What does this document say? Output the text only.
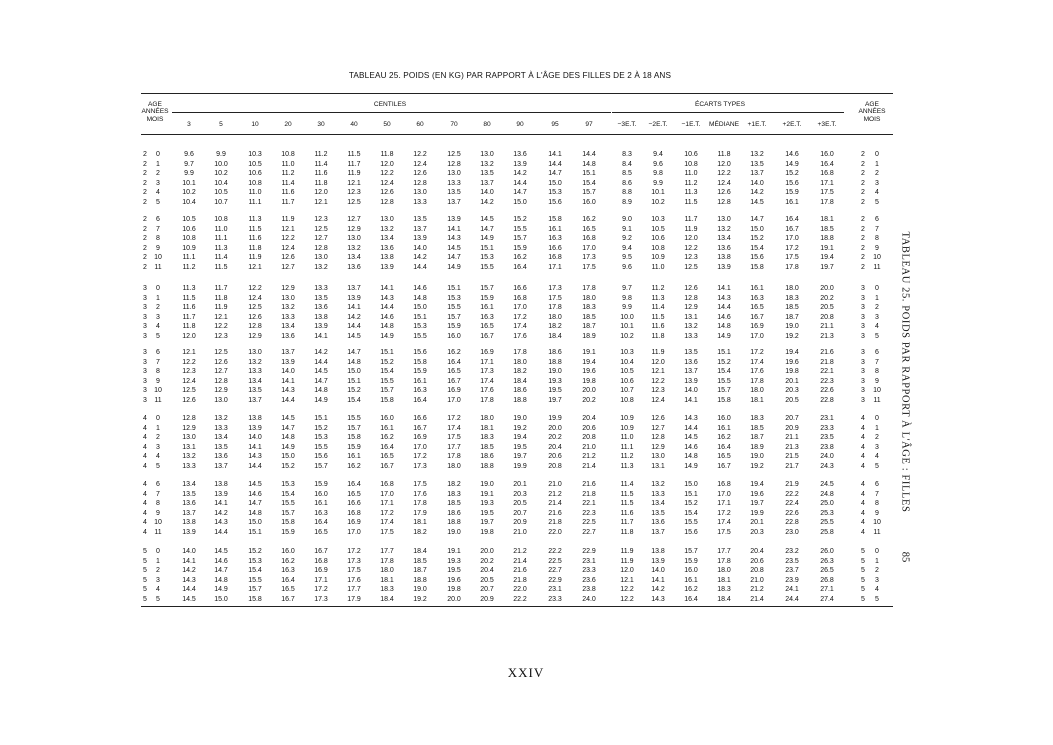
TABLEAU 25. POIDS (EN KG) PAR RAPPORT À L'ÂGE DES FILLES DE 2 À 18 ANS
AGE
ANNÉES
MOIS
AGE
ANNÉES
MOIS
CENTILES	ÉCARTS TYPES
3	5	10	20	30	40	50	60	70	80	90	95	97	−3E.T.	−2E.T.	−1E.T.	MÉDIANE	+1E.T.	+2E.T.	+3E.T.
2	0	9.6	9.9	10.3	10.8	11.2	11.5	11.8	12.2	12.5	13.0	13.6	14.1	14.4	8.3	9.4	10.6	11.8	13.2	14.6	16.0	2	0
2	1	9.7	10.0	10.5	11.0	11.4	11.7	12.0	12.4	12.8	13.2	13.9	14.4	14.8	8.4	9.6	10.8	12.0	13.5	14.9	16.4	2	1
2	2	9.9	10.2	10.6	11.2	11.6	11.9	12.2	12.6	13.0	13.5	14.2	14.7	15.1	8.5	9.8	11.0	12.2	13.7	15.2	16.8	2	2
2	3	10.1	10.4	10.8	11.4	11.8	12.1	12.4	12.8	13.3	13.7	14.4	15.0	15.4	8.6	9.9	11.2	12.4	14.0	15.6	17.1	2	3
2	4	10.2	10.5	11.0	11.6	12.0	12.3	12.6	13.0	13.5	14.0	14.7	15.3	15.7	8.8	10.1	11.3	12.6	14.2	15.9	17.5	2	4
2	5	10.4	10.7	11.1	11.7	12.1	12.5	12.8	13.3	13.7	14.2	15.0	15.6	16.0	8.9	10.2	11.5	12.8	14.5	16.1	17.8	2	5
2	6	10.5	10.8	11.3	11.9	12.3	12.7	13.0	13.5	13.9	14.5	15.2	15.8	16.2	9.0	10.3	11.7	13.0	14.7	16.4	18.1	2	6
2	7	10.6	11.0	11.5	12.1	12.5	12.9	13.2	13.7	14.1	14.7	15.5	16.1	16.5	9.1	10.5	11.9	13.2	15.0	16.7	18.5	2	7
2	8	10.8	11.1	11.6	12.2	12.7	13.0	13.4	13.9	14.3	14.9	15.7	16.3	16.8	9.2	10.6	12.0	13.4	15.2	17.0	18.8	2	8
2	9	10.9	11.3	11.8	12.4	12.8	13.2	13.6	14.0	14.5	15.1	15.9	16.6	17.0	9.4	10.8	12.2	13.6	15.4	17.2	19.1	2	9
2	10	11.1	11.4	11.9	12.6	13.0	13.4	13.8	14.2	14.7	15.3	16.2	16.8	17.3	9.5	10.9	12.3	13.8	15.6	17.5	19.4	2	10
2	11	11.2	11.5	12.1	12.7	13.2	13.6	13.9	14.4	14.9	15.5	16.4	17.1	17.5	9.6	11.0	12.5	13.9	15.8	17.8	19.7	2	11
3	0	11.3	11.7	12.2	12.9	13.3	13.7	14.1	14.6	15.1	15.7	16.6	17.3	17.8	9.7	11.2	12.6	14.1	16.1	18.0	20.0	3	0
3	1	11.5	11.8	12.4	13.0	13.5	13.9	14.3	14.8	15.3	15.9	16.8	17.5	18.0	9.8	11.3	12.8	14.3	16.3	18.3	20.2	3	1
3	2	11.6	11.9	12.5	13.2	13.6	14.1	14.4	15.0	15.5	16.1	17.0	17.8	18.3	9.9	11.4	12.9	14.4	16.5	18.5	20.5	3	2
3	3	11.7	12.1	12.6	13.3	13.8	14.2	14.6	15.1	15.7	16.3	17.2	18.0	18.5	10.0	11.5	13.1	14.6	16.7	18.7	20.8	3	3
3	4	11.8	12.2	12.8	13.4	13.9	14.4	14.8	15.3	15.9	16.5	17.4	18.2	18.7	10.1	11.6	13.2	14.8	16.9	19.0	21.1	3	4
3	5	12.0	12.3	12.9	13.6	14.1	14.5	14.9	15.5	16.0	16.7	17.6	18.4	18.9	10.2	11.8	13.3	14.9	17.0	19.2	21.3	3	5
3	6	12.1	12.5	13.0	13.7	14.2	14.7	15.1	15.6	16.2	16.9	17.8	18.6	19.1	10.3	11.9	13.5	15.1	17.2	19.4	21.6	3	6
3	7	12.2	12.6	13.2	13.9	14.4	14.8	15.2	15.8	16.4	17.1	18.0	18.8	19.4	10.4	12.0	13.6	15.2	17.4	19.6	21.8	3	7
3	8	12.3	12.7	13.3	14.0	14.5	15.0	15.4	15.9	16.5	17.3	18.2	19.0	19.6	10.5	12.1	13.7	15.4	17.6	19.8	22.1	3	8
3	9	12.4	12.8	13.4	14.1	14.7	15.1	15.5	16.1	16.7	17.4	18.4	19.3	19.8	10.6	12.2	13.9	15.5	17.8	20.1	22.3	3	9
3	10	12.5	12.9	13.5	14.3	14.8	15.2	15.7	16.3	16.9	17.6	18.6	19.5	20.0	10.7	12.3	14.0	15.7	18.0	20.3	22.6	3	10
3	11	12.6	13.0	13.7	14.4	14.9	15.4	15.8	16.4	17.0	17.8	18.8	19.7	20.2	10.8	12.4	14.1	15.8	18.1	20.5	22.8	3	11
4	0	12.8	13.2	13.8	14.5	15.1	15.5	16.0	16.6	17.2	18.0	19.0	19.9	20.4	10.9	12.6	14.3	16.0	18.3	20.7	23.1	4	0
4	1	12.9	13.3	13.9	14.7	15.2	15.7	16.1	16.7	17.4	18.1	19.2	20.0	20.6	10.9	12.7	14.4	16.1	18.5	20.9	23.3	4	1
4	2	13.0	13.4	14.0	14.8	15.3	15.8	16.2	16.9	17.5	18.3	19.4	20.2	20.8	11.0	12.8	14.5	16.2	18.7	21.1	23.5	4	2
4	3	13.1	13.5	14.1	14.9	15.5	15.9	16.4	17.0	17.7	18.5	19.5	20.4	21.0	11.1	12.9	14.6	16.4	18.9	21.3	23.8	4	3
4	4	13.2	13.6	14.3	15.0	15.6	16.1	16.5	17.2	17.8	18.6	19.7	20.6	21.2	11.2	13.0	14.8	16.5	19.0	21.5	24.0	4	4
4	5	13.3	13.7	14.4	15.2	15.7	16.2	16.7	17.3	18.0	18.8	19.9	20.8	21.4	11.3	13.1	14.9	16.7	19.2	21.7	24.3	4	5
4	6	13.4	13.8	14.5	15.3	15.9	16.4	16.8	17.5	18.2	19.0	20.1	21.0	21.6	11.4	13.2	15.0	16.8	19.4	21.9	24.5	4	6
4	7	13.5	13.9	14.6	15.4	16.0	16.5	17.0	17.6	18.3	19.1	20.3	21.2	21.8	11.5	13.3	15.1	17.0	19.6	22.2	24.8	4	7
4	8	13.6	14.1	14.7	15.5	16.1	16.6	17.1	17.8	18.5	19.3	20.5	21.4	22.1	11.5	13.4	15.2	17.1	19.7	22.4	25.0	4	8
4	9	13.7	14.2	14.8	15.7	16.3	16.8	17.2	17.9	18.6	19.5	20.7	21.6	22.3	11.6	13.5	15.4	17.2	19.9	22.6	25.3	4	9
4	10	13.8	14.3	15.0	15.8	16.4	16.9	17.4	18.1	18.8	19.7	20.9	21.8	22.5	11.7	13.6	15.5	17.4	20.1	22.8	25.5	4	10
4	11	13.9	14.4	15.1	15.9	16.5	17.0	17.5	18.2	19.0	19.8	21.0	22.0	22.7	11.8	13.7	15.6	17.5	20.3	23.0	25.8	4	11
5	0	14.0	14.5	15.2	16.0	16.7	17.2	17.7	18.4	19.1	20.0	21.2	22.2	22.9	11.9	13.8	15.7	17.7	20.4	23.2	26.0	5	0
5	1	14.1	14.6	15.3	16.2	16.8	17.3	17.8	18.5	19.3	20.2	21.4	22.5	23.1	11.9	13.9	15.9	17.8	20.6	23.5	26.3	5	1
5	2	14.2	14.7	15.4	16.3	16.9	17.5	18.0	18.7	19.5	20.4	21.6	22.7	23.3	12.0	14.0	16.0	18.0	20.8	23.7	26.5	5	2
5	3	14.3	14.8	15.5	16.4	17.1	17.6	18.1	18.8	19.6	20.5	21.8	22.9	23.6	12.1	14.1	16.1	18.1	21.0	23.9	26.8	5	3
5	4	14.4	14.9	15.7	16.5	17.2	17.7	18.3	19.0	19.8	20.7	22.0	23.1	23.8	12.2	14.2	16.2	18.3	21.2	24.1	27.1	5	4
5	5	14.5	15.0	15.8	16.7	17.3	17.9	18.4	19.2	20.0	20.9	22.2	23.3	24.0	12.2	14.3	16.4	18.4	21.4	24.4	27.4	5	5
TABLEAU 25. POIDS PAR RAPPORT À L'ÂGE : FILLES
85
XXIV
